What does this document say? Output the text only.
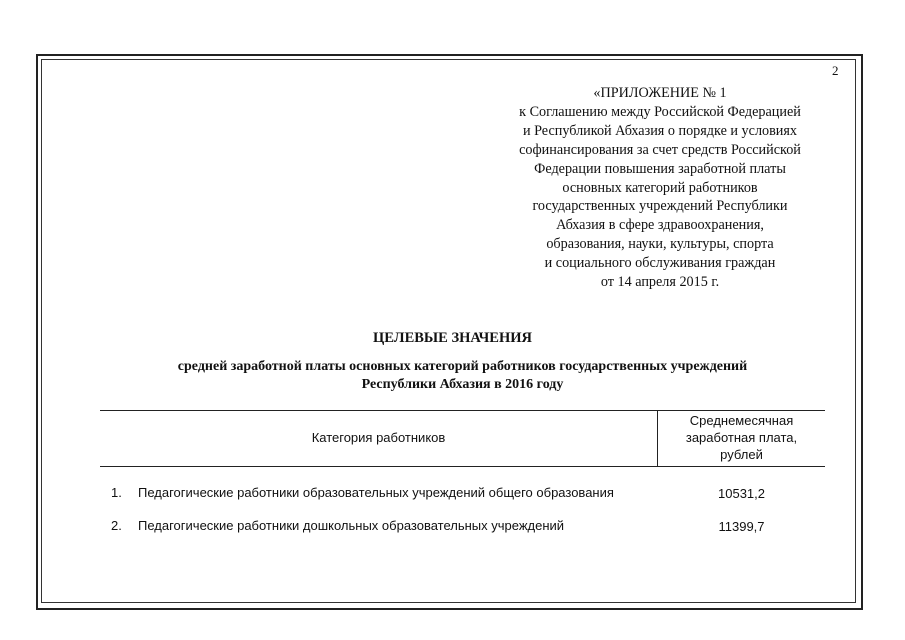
2
«ПРИЛОЖЕНИЕ № 1
к Соглашению между Российской Федерацией
и Республикой Абхазия о порядке и условиях
софинансирования за счет средств Российской
Федерации повышения заработной платы
основных категорий работников
государственных учреждений Республики
Абхазия в сфере здравоохранения,
образования, науки, культуры, спорта
и социального обслуживания граждан
от 14 апреля 2015 г.
ЦЕЛЕВЫЕ ЗНАЧЕНИЯ
средней заработной платы основных категорий работников государственных учреждений
Республики Абхазия в 2016 году
Категория работников
Среднемесячная
заработная плата,
рублей
1. Педагогические работники образовательных учреждений общего образования	10531,2
2. Педагогические работники дошкольных образовательных учреждений	11399,7
